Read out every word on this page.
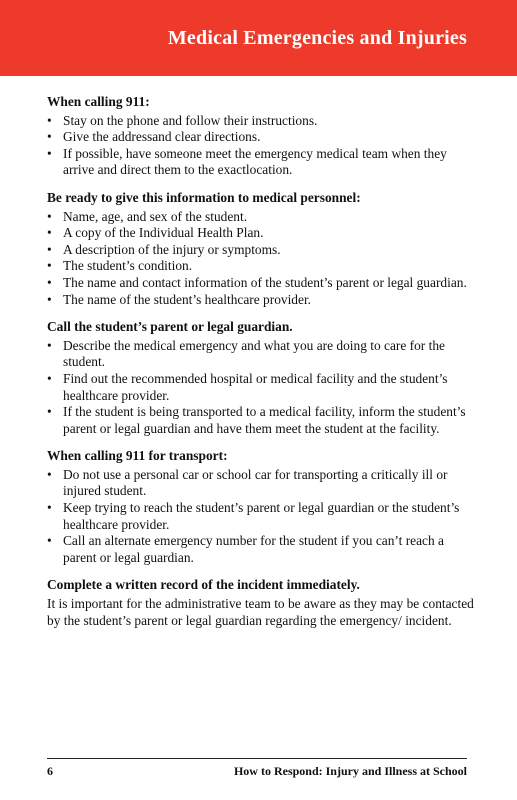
Medical Emergencies and Injuries
When calling 911:
• Stay on the phone and follow their instructions.
• Give the addressand clear directions.
• If possible, have someone meet the emergency medical team when they arrive and direct them to the exactlocation.
Be ready to give this information to medical personnel:
• Name, age, and sex of the student.
• A copy of the Individual Health Plan.
• A description of the injury or symptoms.
• The student’s condition.
• The name and contact information of the student’s parent or legal guardian.
• The name of the student’s healthcare provider.
Call the student’s parent or legal guardian.
• Describe the medical emergency and what you are doing to care for the student.
• Find out the recommended hospital or medical facility and the student’s healthcare provider.
• If the student is being transported to a medical facility, inform the student’s parent or legal guardian and have them meet the student at the facility.
When calling 911 for transport:
• Do not use a personal car or school car for transporting a critically ill or injured student.
• Keep trying to reach the student’s parent or legal guardian or the student’s healthcare provider.
• Call an alternate emergency number for the student if you can’t reach a parent or legal guardian.
Complete a written record of the incident immediately.

It is important for the administrative team to be aware as they may be contacted by the student’s parent or legal guardian regarding the emergency/ incident.

6	How to Respond: Injury and Illness at School
